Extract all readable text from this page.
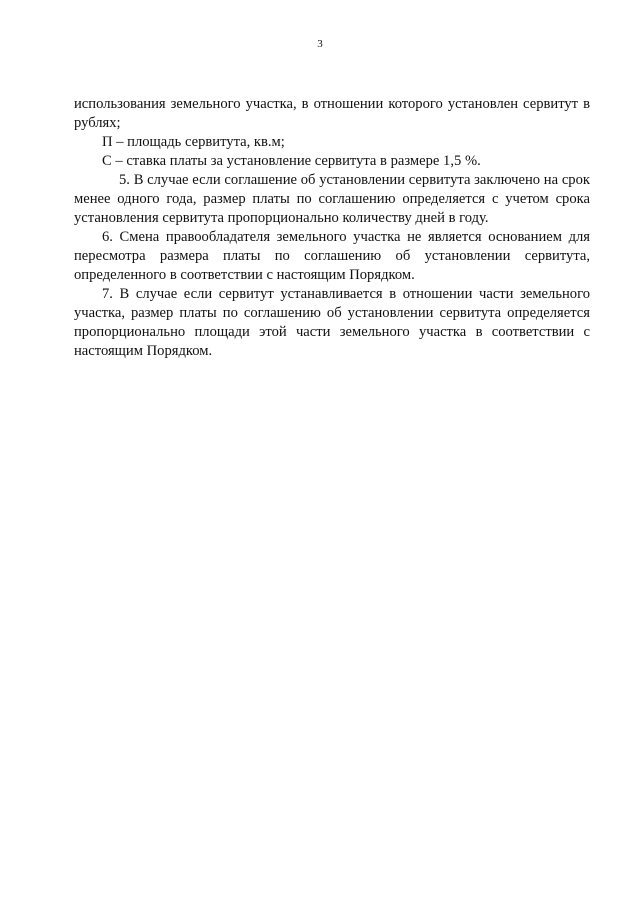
3

использования земельного участка, в отношении которого установлен сервитут в рублях;

П – площадь сервитута, кв.м;

С – ставка платы за установление сервитута в размере 1,5 %.

5. В случае если соглашение об установлении сервитута заключено на срок менее одного года, размер платы по соглашению определяется с учетом срока установления сервитута пропорционально количеству дней в году.

6. Смена правообладателя земельного участка не является основанием для пересмотра размера платы по соглашению об установлении сервитута, определенного в соответствии с настоящим Порядком.

7. В случае если сервитут устанавливается в отношении части земельного участка, размер платы по соглашению об установлении сервитута определяется пропорционально площади этой части земельного участка в соответствии с настоящим Порядком.
